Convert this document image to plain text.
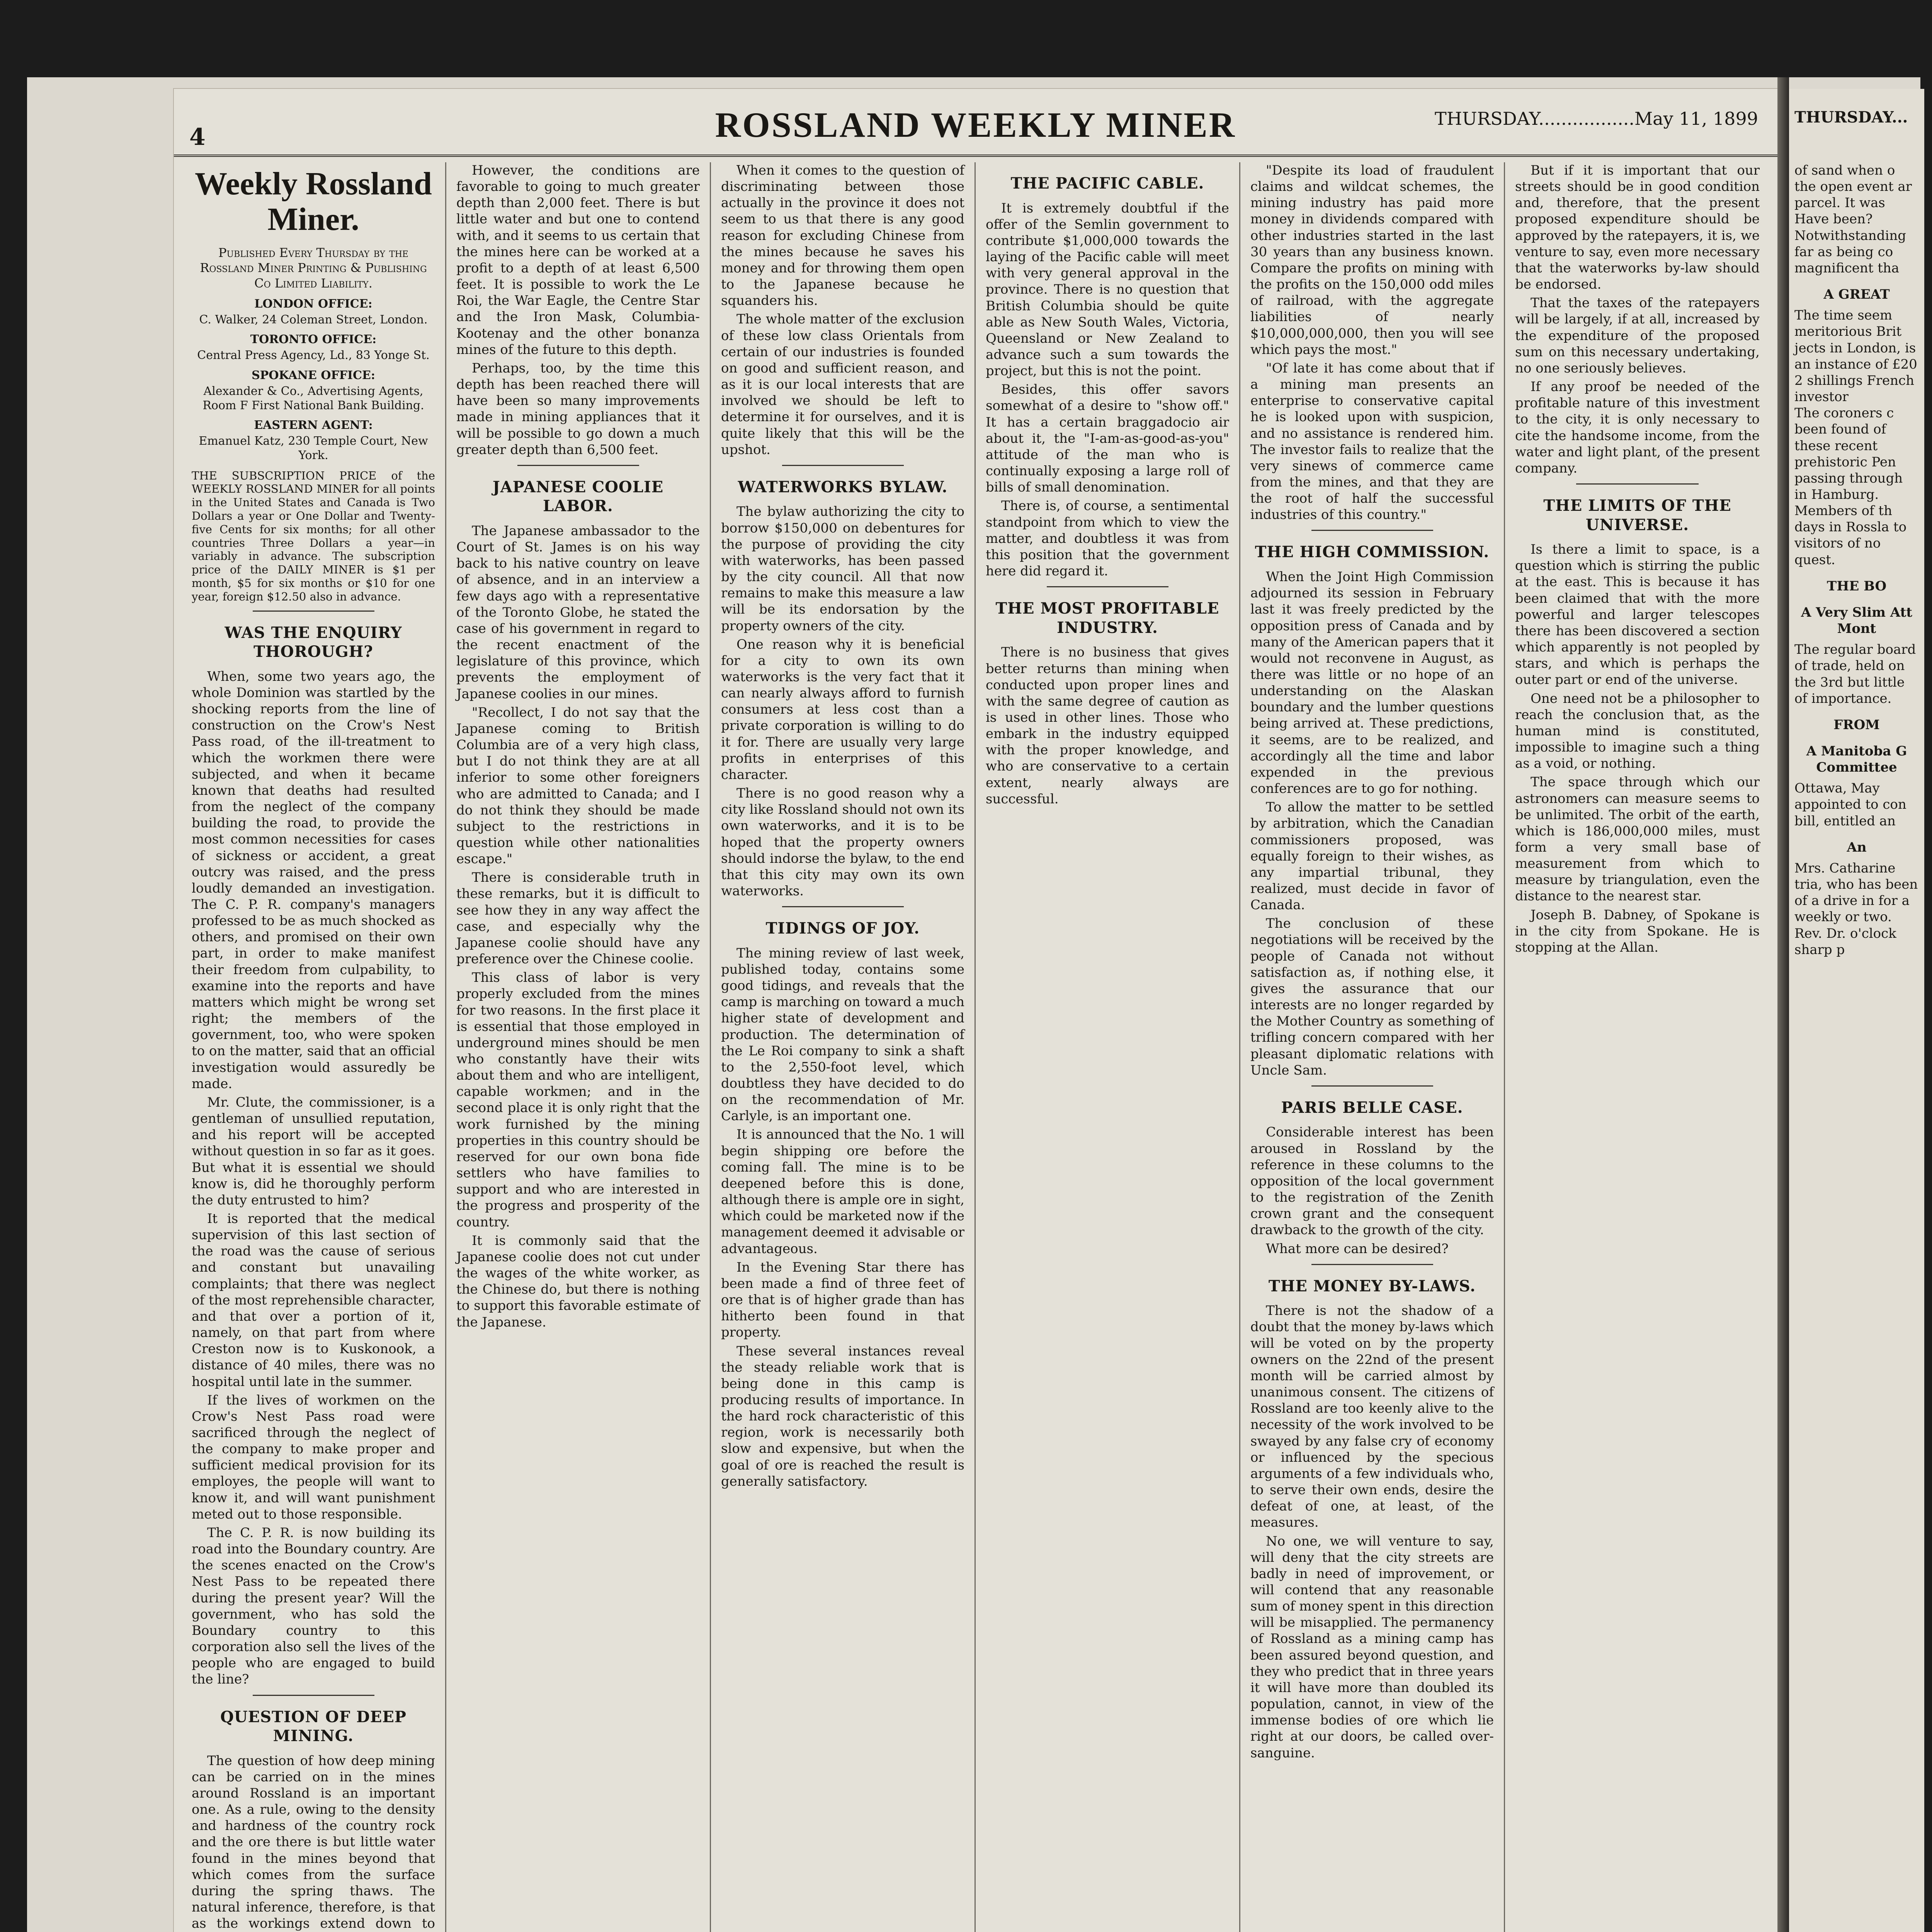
4	ROSSLAND WEEKLY MINER	THURSDAY.................May 11, 1899
Weekly Rossland Miner.
Published Every Thursday by the Rossland Miner Printing & Publishing Co Limited Liability.
LONDON OFFICE:
C. Walker, 24 Coleman Street, London.
TORONTO OFFICE:
Central Press Agency, Ld., 83 Yonge St.
SPOKANE OFFICE:
Alexander & Co., Advertising Agents, Room F First National Bank Building.
EASTERN AGENT:
Emanuel Katz, 230 Temple Court, New York.
THE SUBSCRIPTION PRICE of the WEEKLY ROSSLAND MINER for all points in the United States and Canada is Two Dollars a year or One Dollar and Twenty-five Cents for six months; for all other countries Three Dollars a year—in variably in advance. The subscription price of the DAILY MINER is $1 per month, $5 for six months or $10 for one year, foreign $12.50 also in advance.
WAS THE ENQUIRY THOROUGH?

When, some two years ago, the whole Dominion was startled by the shocking reports from the line of construction on the Crow's Nest Pass road, of the ill-treatment to which the workmen there were subjected, and when it became known that deaths had resulted from the neglect of the company building the road, to provide the most common necessities for cases of sickness or accident, a great outcry was raised, and the press loudly demanded an investigation. The C. P. R. company's managers professed to be as much shocked as others, and promised on their own part, in order to make manifest their freedom from culpability, to examine into the reports and have matters which might be wrong set right; the members of the government, too, who were spoken to on the matter, said that an official investigation would assuredly be made.

Mr. Clute, the commissioner, is a gentleman of unsullied reputation, and his report will be accepted without question in so far as it goes. But what it is essential we should know is, did he thoroughly perform the duty entrusted to him?

It is reported that the medical supervision of this last section of the road was the cause of serious and constant but unavailing complaints; that there was neglect of the most reprehensible character, and that over a portion of it, namely, on that part from where Creston now is to Kuskonook, a distance of 40 miles, there was no hospital until late in the summer.

If the lives of workmen on the Crow's Nest Pass road were sacrificed through the neglect of the company to make proper and sufficient medical provision for its employes, the people will want to know it, and will want punishment meted out to those responsible.

The C. P. R. is now building its road into the Boundary country. Are the scenes enacted on the Crow's Nest Pass to be repeated there during the present year? Will the government, who has sold the Boundary country to this corporation also sell the lives of the people who are engaged to build the line?

QUESTION OF DEEP MINING.

The question of how deep mining can be carried on in the mines around Rossland is an important one. As a rule, owing to the density and hardness of the country rock and the ore there is but little water found in the mines beyond that which comes from the surface during the spring thaws. The natural inference, therefore, is that as the workings extend down to

However, the conditions are favorable to going to much greater depth than 2,000 feet. There is but little water and but one to contend with, and it seems to us certain that the mines here can be worked at a profit to a depth of at least 6,500 feet. It is possible to work the Le Roi, the War Eagle, the Centre Star and the Iron Mask, Columbia-Kootenay and the other bonanza mines of the future to this depth.

Perhaps, too, by the time this depth has been reached there will have been so many improvements made in mining appliances that it will be possible to go down a much greater depth than 6,500 feet.

JAPANESE COOLIE LABOR.

The Japanese ambassador to the Court of St. James is on his way back to his native country on leave of absence, and in an interview a few days ago with a representative of the Toronto Globe, he stated the case of his government in regard to the recent enactment of the legislature of this province, which prevents the employment of Japanese coolies in our mines.

"Recollect, I do not say that the Japanese coming to British Columbia are of a very high class, but I do not think they are at all inferior to some other foreigners who are admitted to Canada; and I do not think they should be made subject to the restrictions in question while other nationalities escape."

There is considerable truth in these remarks, but it is difficult to see how they in any way affect the case, and especially why the Japanese coolie should have any preference over the Chinese coolie.

This class of labor is very properly excluded from the mines for two reasons. In the first place it is essential that those employed in underground mines should be men who constantly have their wits about them and who are intelligent, capable workmen; and in the second place it is only right that the work furnished by the mining properties in this country should be reserved for our own bona fide settlers who have families to support and who are interested in the progress and prosperity of the country.

It is commonly said that the Japanese coolie does not cut under the wages of the white worker, as the Chinese do, but there is nothing to support this favorable estimate of the Japanese.

When it comes to the question of discriminating between those actually in the province it does not seem to us that there is any good reason for excluding Chinese from the mines because he saves his money and for throwing them open to the Japanese because he squanders his.

The whole matter of the exclusion of these low class Orientals from certain of our industries is founded on good and sufficient reason, and as it is our local interests that are involved we should be left to determine it for ourselves, and it is quite likely that this will be the upshot.

WATERWORKS BYLAW.

The bylaw authorizing the city to borrow $150,000 on debentures for the purpose of providing the city with waterworks, has been passed by the city council. All that now remains to make this measure a law will be its endorsation by the property owners of the city.

One reason why it is beneficial for a city to own its own waterworks is the very fact that it can nearly always afford to furnish consumers at less cost than a private corporation is willing to do it for. There are usually very large profits in enterprises of this character.

There is no good reason why a city like Rossland should not own its own waterworks, and it is to be hoped that the property owners should indorse the bylaw, to the end that this city may own its own waterworks.

TIDINGS OF JOY.

The mining review of last week, published today, contains some good tidings, and reveals that the camp is marching on toward a much higher state of development and production. The determination of the Le Roi company to sink a shaft to the 2,550-foot level, which doubtless they have decided to do on the recommendation of Mr. Carlyle, is an important one.

It is announced that the No. 1 will begin shipping ore before the coming fall. The mine is to be deepened before this is done, although there is ample ore in sight, which could be marketed now if the management deemed it advisable or advantageous.

In the Evening Star there has been made a find of three feet of ore that is of higher grade than has hitherto been found in that property.

These several instances reveal the steady reliable work that is being done in this camp is producing results of importance. In the hard rock characteristic of this region, work is necessarily both slow and expensive, but when the goal of ore is reached the result is generally satisfactory.

THE PACIFIC CABLE.

It is extremely doubtful if the offer of the Semlin government to contribute $1,000,000 towards the laying of the Pacific cable will meet with very general approval in the province. There is no question that British Columbia should be quite able as New South Wales, Victoria, Queensland or New Zealand to advance such a sum towards the project, but this is not the point.

Besides, this offer savors somewhat of a desire to "show off." It has a certain braggadocio air about it, the "I-am-as-good-as-you" attitude of the man who is continually exposing a large roll of bills of small denomination.

There is, of course, a sentimental standpoint from which to view the matter, and doubtless it was from this position that the government here did regard it.

THE MOST PROFITABLE INDUSTRY.

There is no business that gives better returns than mining when conducted upon proper lines and with the same degree of caution as is used in other lines. Those who embark in the industry equipped with the proper knowledge, and who are conservative to a certain extent, nearly always are successful.

"Despite its load of fraudulent claims and wildcat schemes, the mining industry has paid more money in dividends compared with other industries started in the last 30 years than any business known. Compare the profits on mining with the profits on the 150,000 odd miles of railroad, with the aggregate liabilities of nearly $10,000,000,000, then you will see which pays the most."

"Of late it has come about that if a mining man presents an enterprise to conservative capital he is looked upon with suspicion, and no assistance is rendered him. The investor fails to realize that the very sinews of commerce came from the mines, and that they are the root of half the successful industries of this country."

THE HIGH COMMISSION.

When the Joint High Commission adjourned its session in February last it was freely predicted by the opposition press of Canada and by many of the American papers that it would not reconvene in August, as there was little or no hope of an understanding on the Alaskan boundary and the lumber questions being arrived at. These predictions, it seems, are to be realized, and accordingly all the time and labor expended in the previous conferences are to go for nothing.

To allow the matter to be settled by arbitration, which the Canadian commissioners proposed, was equally foreign to their wishes, as any impartial tribunal, they realized, must decide in favor of Canada.

The conclusion of these negotiations will be received by the people of Canada not without satisfaction as, if nothing else, it gives the assurance that our interests are no longer regarded by the Mother Country as something of trifling concern compared with her pleasant diplomatic relations with Uncle Sam.

PARIS BELLE CASE.

Considerable interest has been aroused in Rossland by the reference in these columns to the opposition of the local government to the registration of the Zenith crown grant and the consequent drawback to the growth of the city.

What more can be desired?

THE MONEY BY-LAWS.

There is not the shadow of a doubt that the money by-laws which will be voted on by the property owners on the 22nd of the present month will be carried almost by unanimous consent. The citizens of Rossland are too keenly alive to the necessity of the work involved to be swayed by any false cry of economy or influenced by the specious arguments of a few individuals who, to serve their own ends, desire the defeat of one, at least, of the measures.

No one, we will venture to say, will deny that the city streets are badly in need of improvement, or will contend that any reasonable sum of money spent in this direction will be misapplied. The permanency of Rossland as a mining camp has been assured beyond question, and they who predict that in three years it will have more than doubled its population, cannot, in view of the immense bodies of ore which lie right at our doors, be called over-sanguine.

But if it is important that our streets should be in good condition and, therefore, that the present proposed expenditure should be approved by the ratepayers, it is, we venture to say, even more necessary that the waterworks by-law should be endorsed.

That the taxes of the ratepayers will be largely, if at all, increased by the expenditure of the proposed sum on this necessary undertaking, no one seriously believes.

If any proof be needed of the profitable nature of this investment to the city, it is only necessary to cite the handsome income, from the water and light plant, of the present company.

THE LIMITS OF THE UNIVERSE.

Is there a limit to space, is a question which is stirring the public at the east. This is because it has been claimed that with the more powerful and larger telescopes there has been discovered a section which apparently is not peopled by stars, and which is perhaps the outer part or end of the universe.

One need not be a philosopher to reach the conclusion that, as the human mind is constituted, impossible to imagine such a thing as a void, or nothing.

The space through which our astronomers can measure seems to be unlimited. The orbit of the earth, which is 186,000,000 miles, must form a very small base of measurement from which to measure by triangulation, even the distance to the nearest star.

Joseph B. Dabney, of Spokane is in the city from Spokane. He is stopping at the Allan.

THURSDAY...
of sand when o the open event ar parcel. It was Have been? Notwithstanding far as being co magnificent tha
A GREAT
The time seem meritorious Brit jects in London, is an instance of £20 2 shillings French investor
The coroners c been found of these recent prehistoric Pen passing through in Hamburg.
Members of th days in Rossla to visitors of no quest.
THE BO
A Very Slim Att Mont
The regular board of trade, held on the 3rd but little of importance.
FROM
A Manitoba G Committee
Ottawa, May appointed to con bill, entitled an
An
Mrs. Catharine tria, who has been of a drive in for a weekly or two. Rev. Dr. o'clock sharp p
